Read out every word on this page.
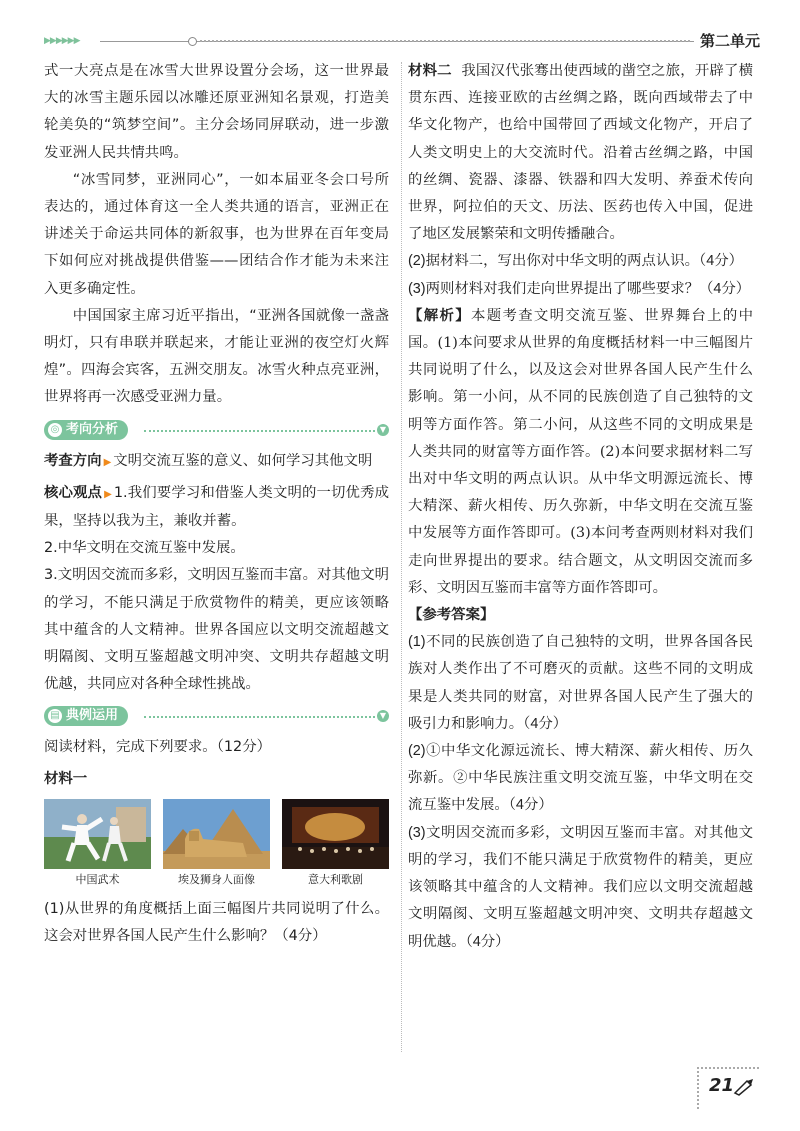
▶▶▶▶▶▶	第二单元

式一大亮点是在冰雪大世界设置分会场，这一世界最大的冰雪主题乐园以冰雕还原亚洲知名景观，打造美轮美奂的“筑梦空间”。主分会场同屏联动，进一步激发亚洲人民共情共鸣。

“冰雪同梦，亚洲同心”，一如本届亚冬会口号所表达的，通过体育这一全人类共通的语言，亚洲正在讲述关于命运共同体的新叙事，也为世界在百年变局下如何应对挑战提供借鉴——团结合作才能为未来注入更多确定性。

中国国家主席习近平指出，“亚洲各国就像一盏盏明灯，只有串联并联起来，才能让亚洲的夜空灯火辉煌”。四海会宾客，五洲交朋友。冰雪火种点亮亚洲，世界将再一次感受亚洲力量。

◎ 考向分析	▼

考查方向 ▶ 文明交流互鉴的意义、如何学习其他文明

核心观点 ▶ 1.我们要学习和借鉴人类文明的一切优秀成果，坚持以我为主，兼收并蓄。

2.中华文明在交流互鉴中发展。

3.文明因交流而多彩，文明因互鉴而丰富。对其他文明的学习，不能只满足于欣赏物件的精美，更应该领略其中蕴含的人文精神。世界各国应以文明交流超越文明隔阂、文明互鉴超越文明冲突、文明共存超越文明优越，共同应对各种全球性挑战。

▤ 典例运用	▼

阅读材料，完成下列要求。（12分）

材料一

中国武术	埃及狮身人面像	意大利歌剧

(1)从世界的角度概括上面三幅图片共同说明了什么。这会对世界各国人民产生什么影响？（4分）

材料二 我国汉代张骞出使西域的凿空之旅，开辟了横贯东西、连接亚欧的古丝绸之路，既向西域带去了中华文化物产，也给中国带回了西域文化物产，开启了人类文明史上的大交流时代。沿着古丝绸之路，中国的丝绸、瓷器、漆器、铁器和四大发明、养蚕术传向世界，阿拉伯的天文、历法、医药也传入中国，促进了地区发展繁荣和文明传播融合。

(2)据材料二，写出你对中华文明的两点认识。（4分）

(3)两则材料对我们走向世界提出了哪些要求？（4分）

【解析】本题考查文明交流互鉴、世界舞台上的中国。(1)本问要求从世界的角度概括材料一中三幅图片共同说明了什么，以及这会对世界各国人民产生什么影响。第一小问，从不同的民族创造了自己独特的文明等方面作答。第二小问，从这些不同的文明成果是人类共同的财富等方面作答。(2)本问要求据材料二写出对中华文明的两点认识。从中华文明源远流长、博大精深、薪火相传、历久弥新，中华文明在交流互鉴中发展等方面作答即可。(3)本问考查两则材料对我们走向世界提出的要求。结合题文，从文明因交流而多彩、文明因互鉴而丰富等方面作答即可。

【参考答案】

(1)不同的民族创造了自己独特的文明，世界各国各民族对人类作出了不可磨灭的贡献。这些不同的文明成果是人类共同的财富，对世界各国人民产生了强大的吸引力和影响力。（4分）

(2)①中华文化源远流长、博大精深、薪火相传、历久弥新。②中华民族注重文明交流互鉴，中华文明在交流互鉴中发展。（4分）

(3)文明因交流而多彩，文明因互鉴而丰富。对其他文明的学习，我们不能只满足于欣赏物件的精美，更应该领略其中蕴含的人文精神。我们应以文明交流超越文明隔阂、文明互鉴超越文明冲突、文明共存超越文明优越。（4分）

21
